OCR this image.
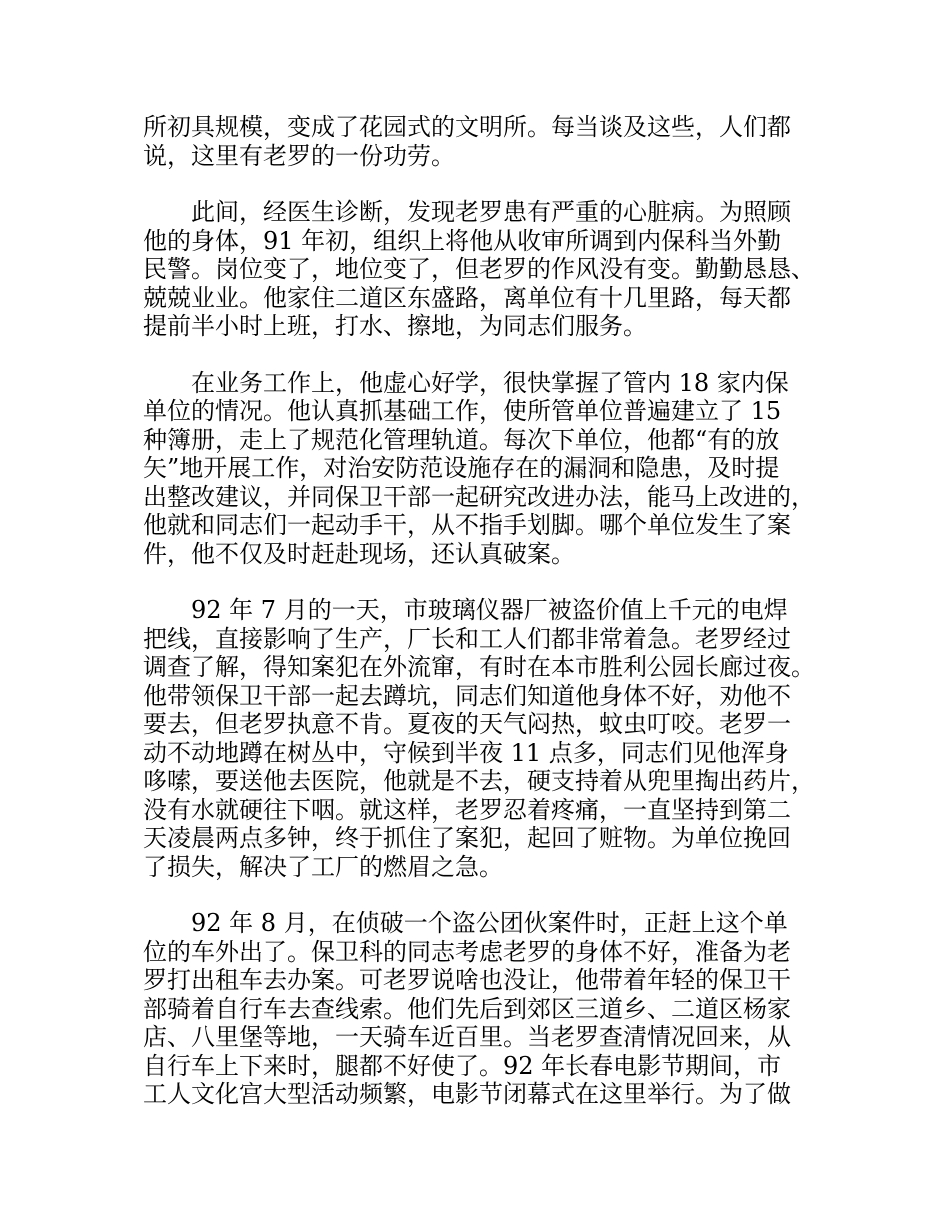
所初具规模，变成了花园式的文明所。每当谈及这些，人们都
说，这里有老罗的一份功劳。

此间，经医生诊断，发现老罗患有严重的心脏病。为照顾
他的身体，91 年初，组织上将他从收审所调到内保科当外勤
民警。岗位变了，地位变了，但老罗的作风没有变。勤勤恳恳、
兢兢业业。他家住二道区东盛路，离单位有十几里路，每天都
提前半小时上班，打水、擦地，为同志们服务。

在业务工作上，他虚心好学，很快掌握了管内 18 家内保
单位的情况。他认真抓基础工作，使所管单位普遍建立了 15
种簿册，走上了规范化管理轨道。每次下单位，他都“有的放
矢”地开展工作，对治安防范设施存在的漏洞和隐患，及时提
出整改建议，并同保卫干部一起研究改进办法，能马上改进的，
他就和同志们一起动手干，从不指手划脚。哪个单位发生了案
件，他不仅及时赶赴现场，还认真破案。

92 年 7 月的一天，市玻璃仪器厂被盗价值上千元的电焊
把线，直接影响了生产，厂长和工人们都非常着急。老罗经过
调查了解，得知案犯在外流窜，有时在本市胜利公园长廊过夜。
他带领保卫干部一起去蹲坑，同志们知道他身体不好，劝他不
要去，但老罗执意不肯。夏夜的天气闷热，蚊虫叮咬。老罗一
动不动地蹲在树丛中，守候到半夜 11 点多，同志们见他浑身
哆嗦，要送他去医院，他就是不去，硬支持着从兜里掏出药片，
没有水就硬往下咽。就这样，老罗忍着疼痛，一直坚持到第二
天凌晨两点多钟，终于抓住了案犯，起回了赃物。为单位挽回
了损失，解决了工厂的燃眉之急。

92 年 8 月，在侦破一个盗公团伙案件时，正赶上这个单
位的车外出了。保卫科的同志考虑老罗的身体不好，准备为老
罗打出租车去办案。可老罗说啥也没让，他带着年轻的保卫干
部骑着自行车去查线索。他们先后到郊区三道乡、二道区杨家
店、八里堡等地，一天骑车近百里。当老罗查清情况回来，从
自行车上下来时，腿都不好使了。92 年长春电影节期间，市
工人文化宫大型活动频繁，电影节闭幕式在这里举行。为了做
